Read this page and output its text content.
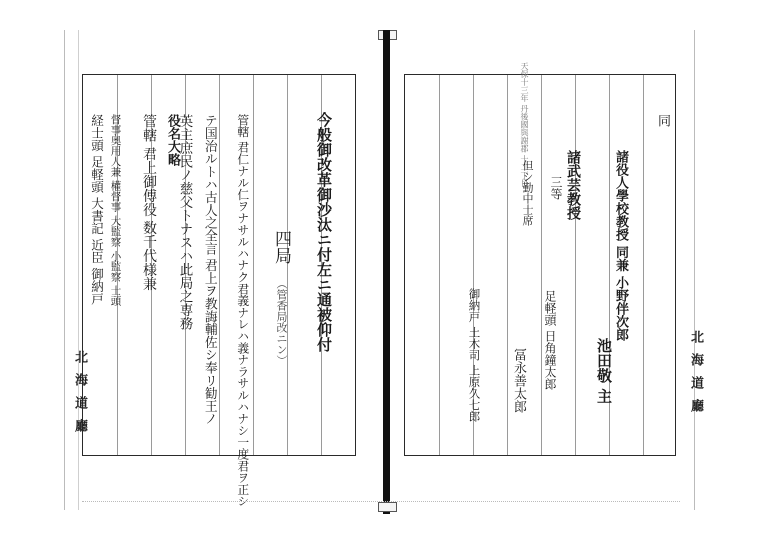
今般御改革御沙汰ニ付左ニ通被仰付
四局
（管香局改ニン）
管轄 君仁ナル仁ヲナサルハナク君義ナレハ義ナラサルハナシ一度君ヲ正シ
テ国治ルトハ古人之全言 君上ヲ教誨輔佐シ奉リ勧王ノ
英主庶民ノ慈父トナスハ此局之専務
役名大略
管轄 君上御傅役 数千代様兼
督事奥用人兼 權督事 大監察 小監察 士頭
経士頭 足軽頭 大書記 近臣 御納戸
北海道廳
同
天保十三年 丹後國與謝郡 十二丁目
諸役人學校教授 同兼 小野伴次郎
池田敬 主
諸武芸教授
三等
但シ勤中士席
足軽頭 日角鐘太郎
冨永善太郎
御納戸 土木司 上原久七郎	北海道廳
